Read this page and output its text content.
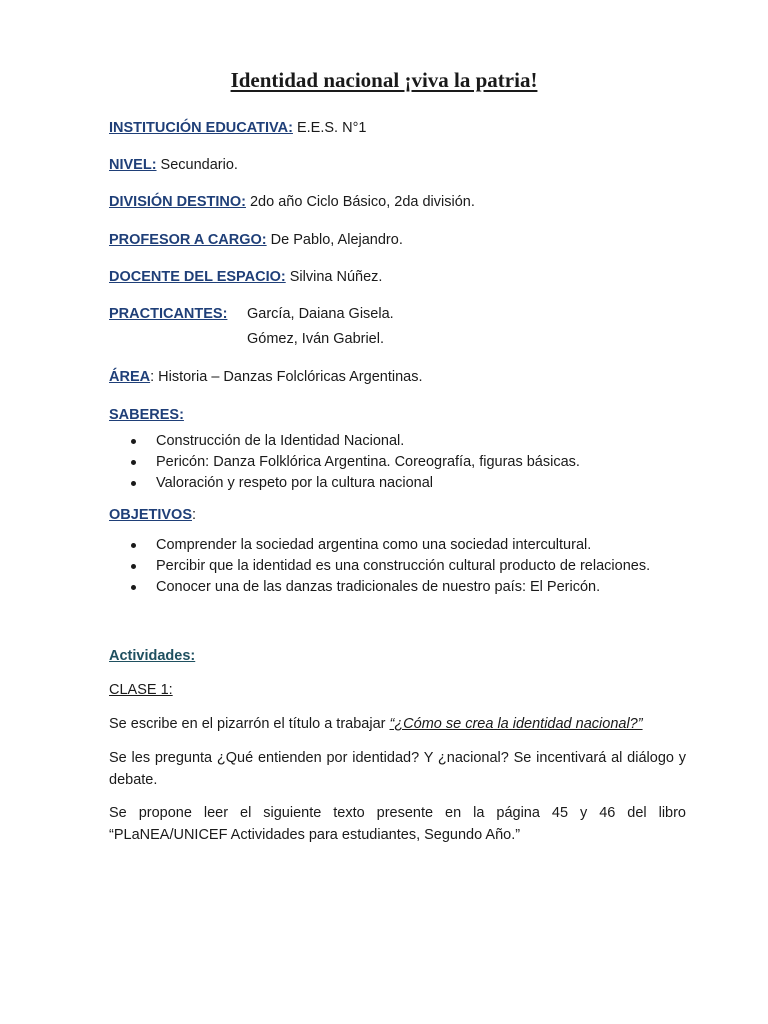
Identidad nacional ¡viva la patria!
INSTITUCIÓN EDUCATIVA: E.E.S. N°1
NIVEL: Secundario.
DIVISIÓN DESTINO: 2do año Ciclo Básico, 2da división.
PROFESOR A CARGO: De Pablo, Alejandro.
DOCENTE DEL ESPACIO: Silvina Núñez.
PRACTICANTES: García, Daiana Gisela.
Gómez, Iván Gabriel.
ÁREA: Historia – Danzas Folclóricas Argentinas.
SABERES:
Construcción de la Identidad Nacional.
Pericón: Danza Folklórica Argentina. Coreografía, figuras básicas.
Valoración y respeto por la cultura nacional
OBJETIVOS:
Comprender la sociedad argentina como una sociedad intercultural.
Percibir que la identidad es una construcción cultural producto de relaciones.
Conocer una de las danzas tradicionales de nuestro país: El Pericón.
Actividades:
CLASE 1:
Se escribe en el pizarrón el título a trabajar “¿Cómo se crea la identidad nacional?”
Se les pregunta ¿Qué entienden por identidad? Y ¿nacional? Se incentivará al diálogo y debate.
Se propone leer el siguiente texto presente en la página 45 y 46 del libro “PLaNEA/UNICEF Actividades para estudiantes, Segundo Año.”
